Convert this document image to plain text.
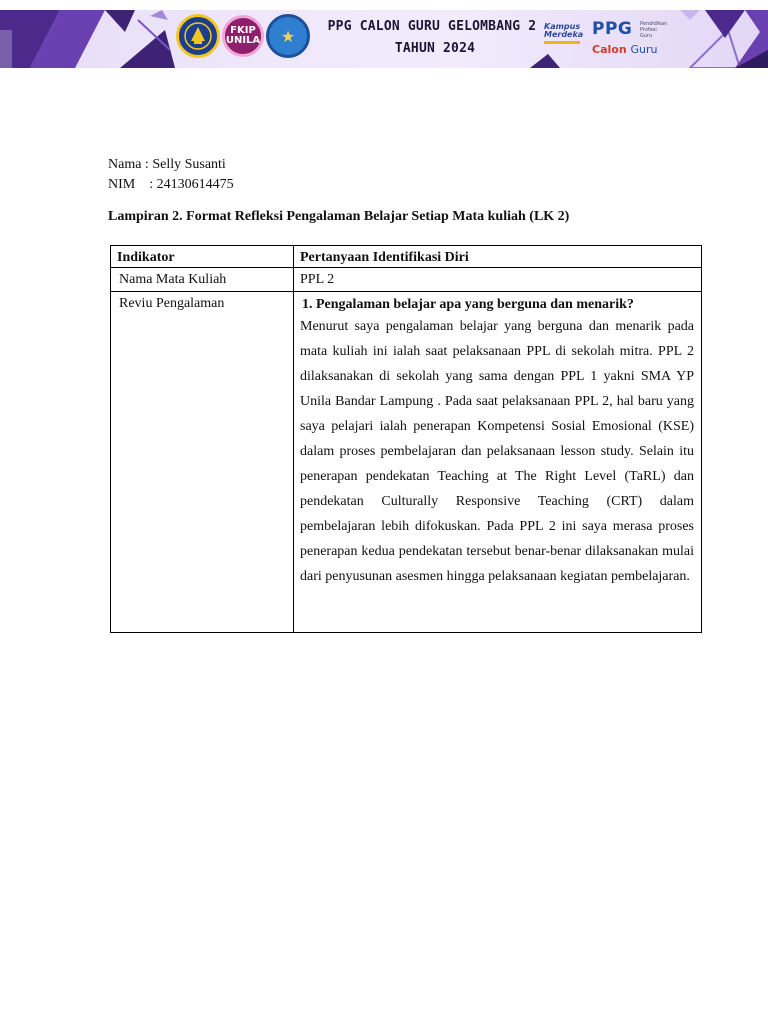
FKIP
UNILA ★	PPG CALON GURU GELOMBANG 2
TAHUN 2024
Kampus
Merdeka PPG Pendidikan Profesi Guru
Calon Guru
Nama : Selly Susanti
NIM    : 24130614475
Lampiran 2. Format Refleksi Pengalaman Belajar Setiap Mata kuliah (LK 2)
Indikator	Pertanyaan Identifikasi Diri
Nama Mata Kuliah	PPL 2
Reviu Pengalaman	1. Pengalaman belajar apa yang berguna dan menarik?

Menurut saya pengalaman belajar yang berguna dan menarik pada mata kuliah ini ialah saat pelaksanaan PPL di sekolah mitra. PPL 2 dilaksanakan di sekolah yang sama dengan PPL 1 yakni SMA YP Unila Bandar Lampung . Pada saat pelaksanaan PPL 2, hal baru yang saya pelajari ialah penerapan Kompetensi Sosial Emosional (KSE) dalam proses pembelajaran dan pelaksanaan lesson study. Selain itu penerapan pendekatan Teaching at The Right Level (TaRL) dan pendekatan Culturally Responsive Teaching (CRT) dalam pembelajaran lebih difokuskan. Pada PPL 2 ini saya merasa proses penerapan kedua pendekatan tersebut benar-benar dilaksanakan mulai dari penyusunan asesmen hingga pelaksanaan kegiatan pembelajaran.
